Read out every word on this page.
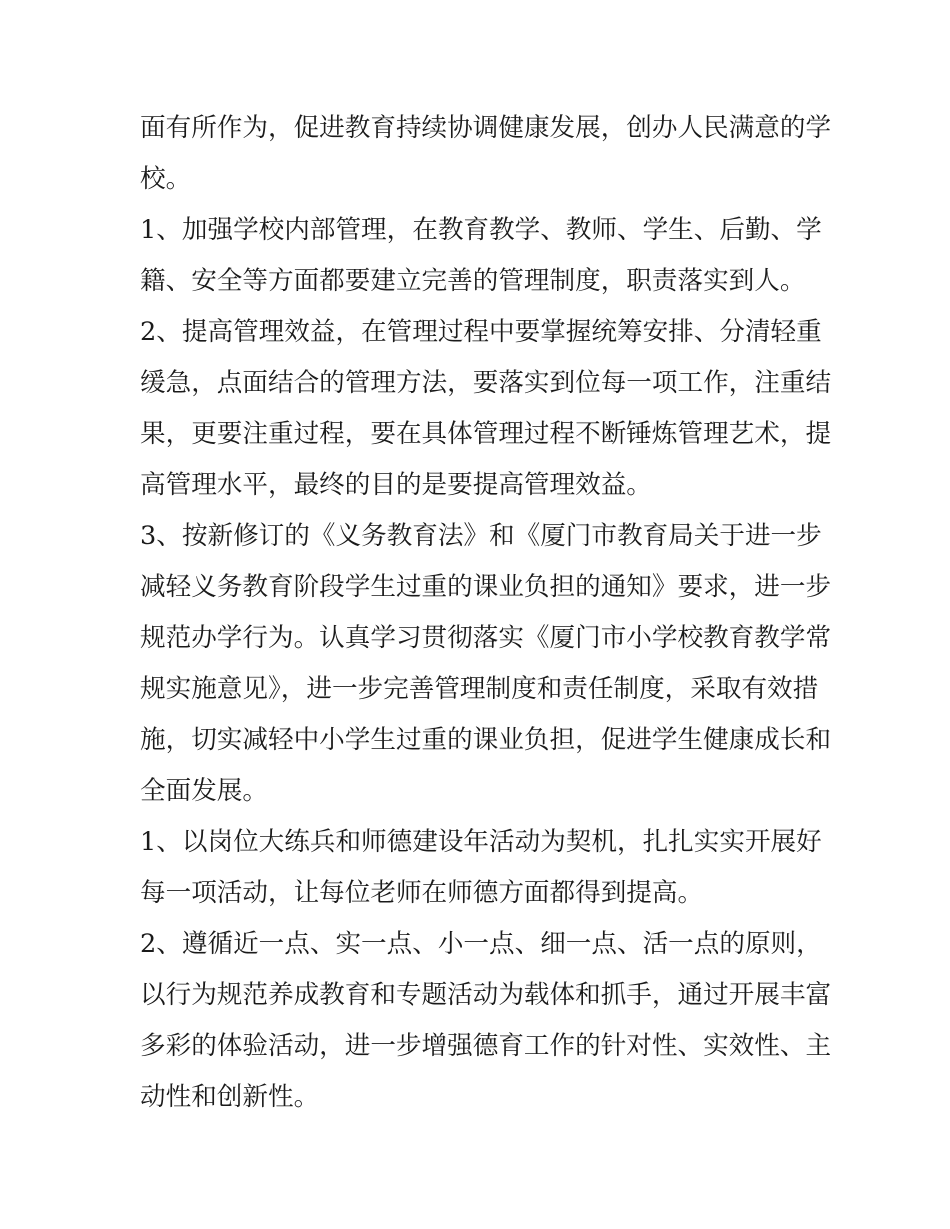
面有所作为，促进教育持续协调健康发展，创办人民满意的学
校。
1、加强学校内部管理，在教育教学、教师、学生、后勤、学
籍、安全等方面都要建立完善的管理制度，职责落实到人。
2、提高管理效益，在管理过程中要掌握统筹安排、分清轻重
缓急，点面结合的管理方法，要落实到位每一项工作，注重结
果，更要注重过程，要在具体管理过程不断锤炼管理艺术，提
高管理水平，最终的目的是要提高管理效益。
3、按新修订的《义务教育法》和《厦门市教育局关于进一步
减轻义务教育阶段学生过重的课业负担的通知》要求，进一步
规范办学行为。认真学习贯彻落实《厦门市小学校教育教学常
规实施意见》，进一步完善管理制度和责任制度，采取有效措
施，切实减轻中小学生过重的课业负担，促进学生健康成长和
全面发展。
1、以岗位大练兵和师德建设年活动为契机，扎扎实实开展好
每一项活动，让每位老师在师德方面都得到提高。
2、遵循近一点、实一点、小一点、细一点、活一点的原则，
以行为规范养成教育和专题活动为载体和抓手，通过开展丰富
多彩的体验活动，进一步增强德育工作的针对性、实效性、主
动性和创新性。
